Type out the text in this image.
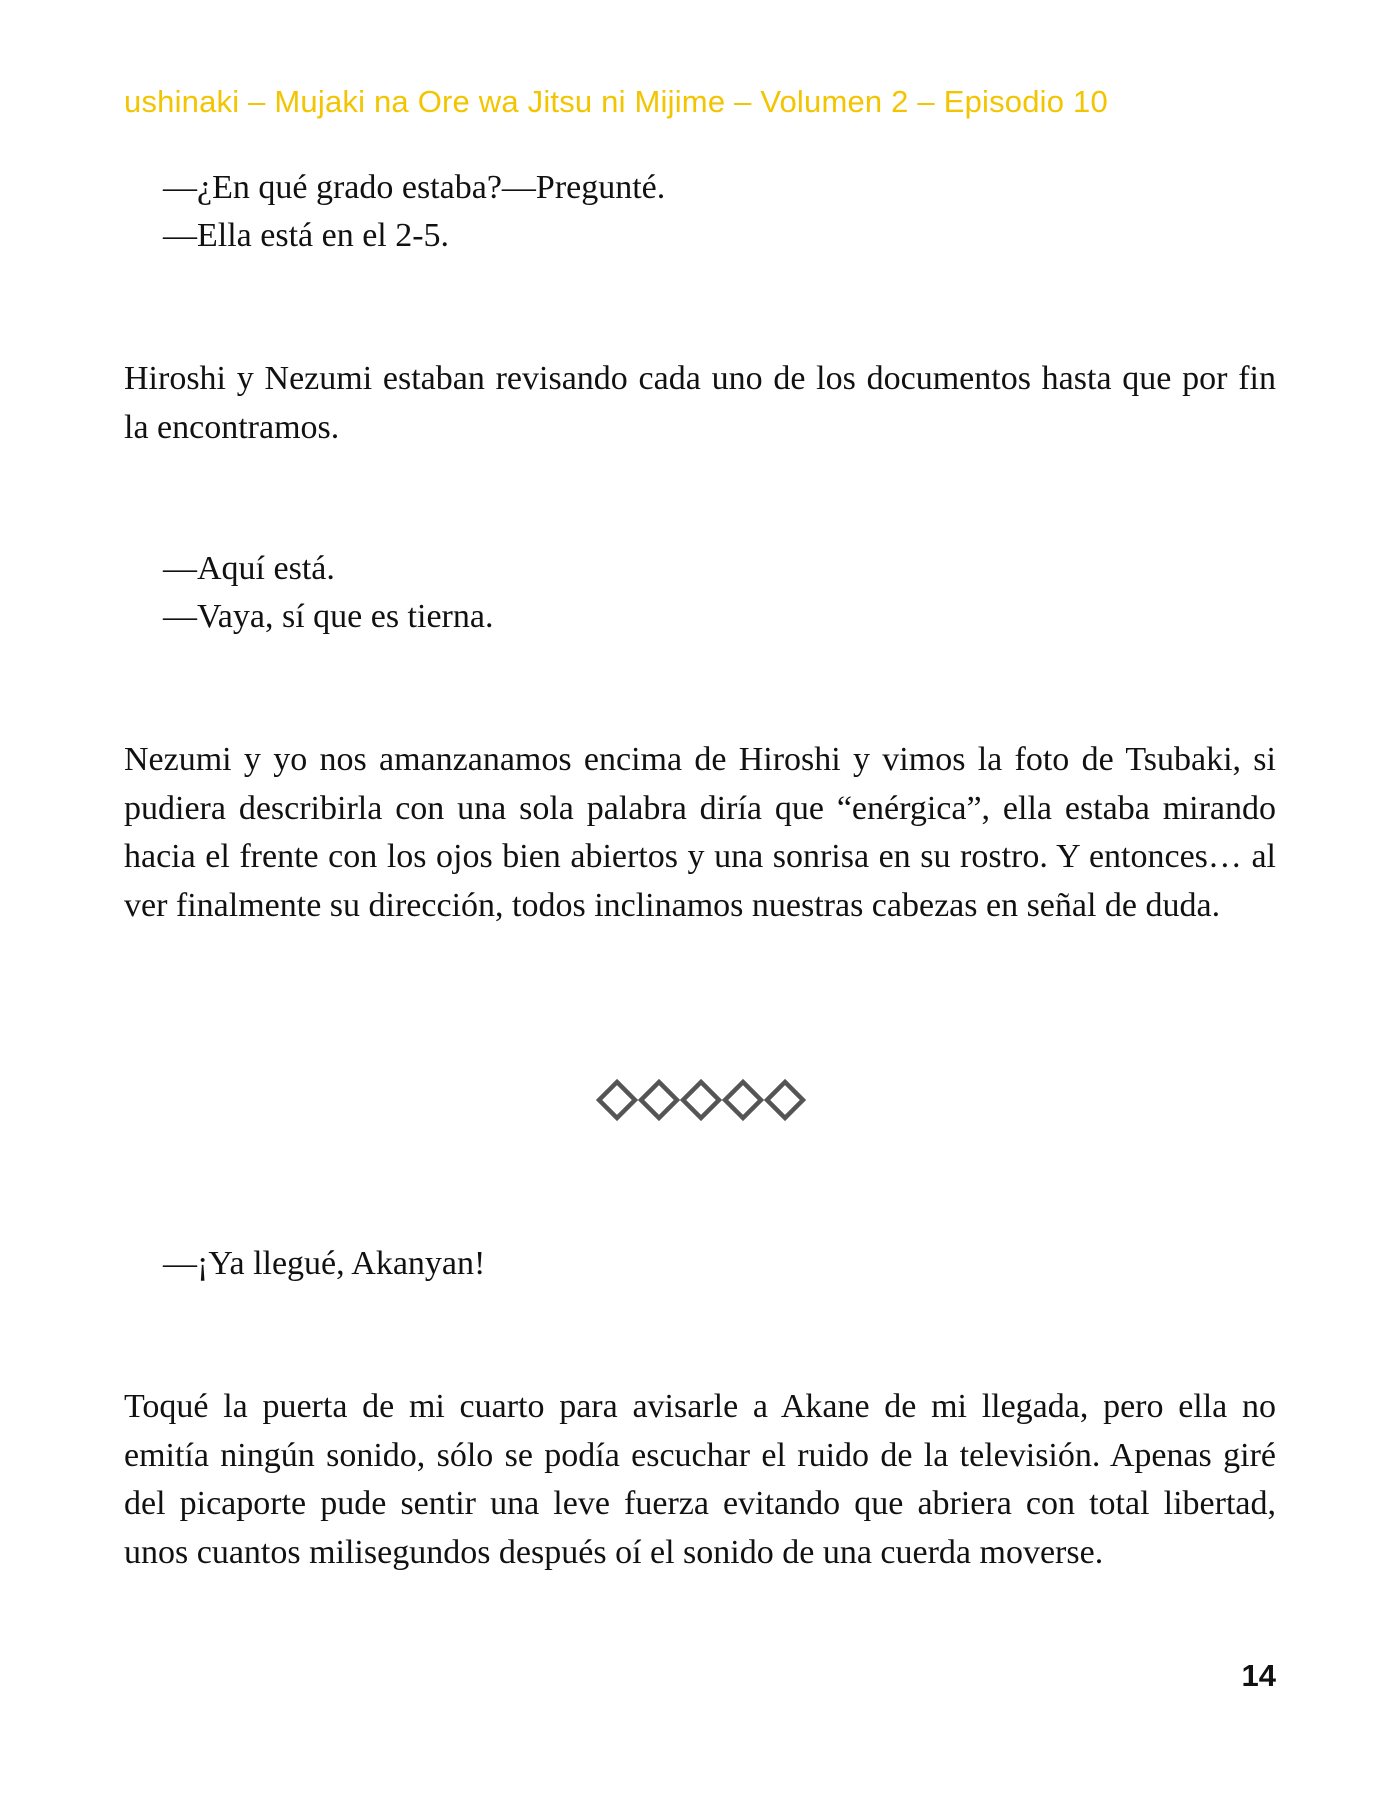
ushinaki – Mujaki na Ore wa Jitsu ni Mijime – Volumen 2 – Episodio 10
—¿En qué grado estaba?—Pregunté.
—Ella está en el 2-5.

Hiroshi y Nezumi estaban revisando cada uno de los documentos hasta que por fin la encontramos.

—Aquí está.
—Vaya, sí que es tierna.

Nezumi y yo nos amanzanamos encima de Hiroshi y vimos la foto de Tsubaki, si pudiera describirla con una sola palabra diría que “enérgica”, ella estaba mirando hacia el frente con los ojos bien abiertos y una sonrisa en su rostro. Y entonces… al ver finalmente su dirección, todos inclinamos nuestras cabezas en señal de duda.

—¡Ya llegué, Akanyan!

Toqué la puerta de mi cuarto para avisarle a Akane de mi llegada, pero ella no emitía ningún sonido, sólo se podía escuchar el ruido de la televisión. Apenas giré del picaporte pude sentir una leve fuerza evitando que abriera con total libertad, unos cuantos milisegundos después oí el sonido de una cuerda moverse.

14
